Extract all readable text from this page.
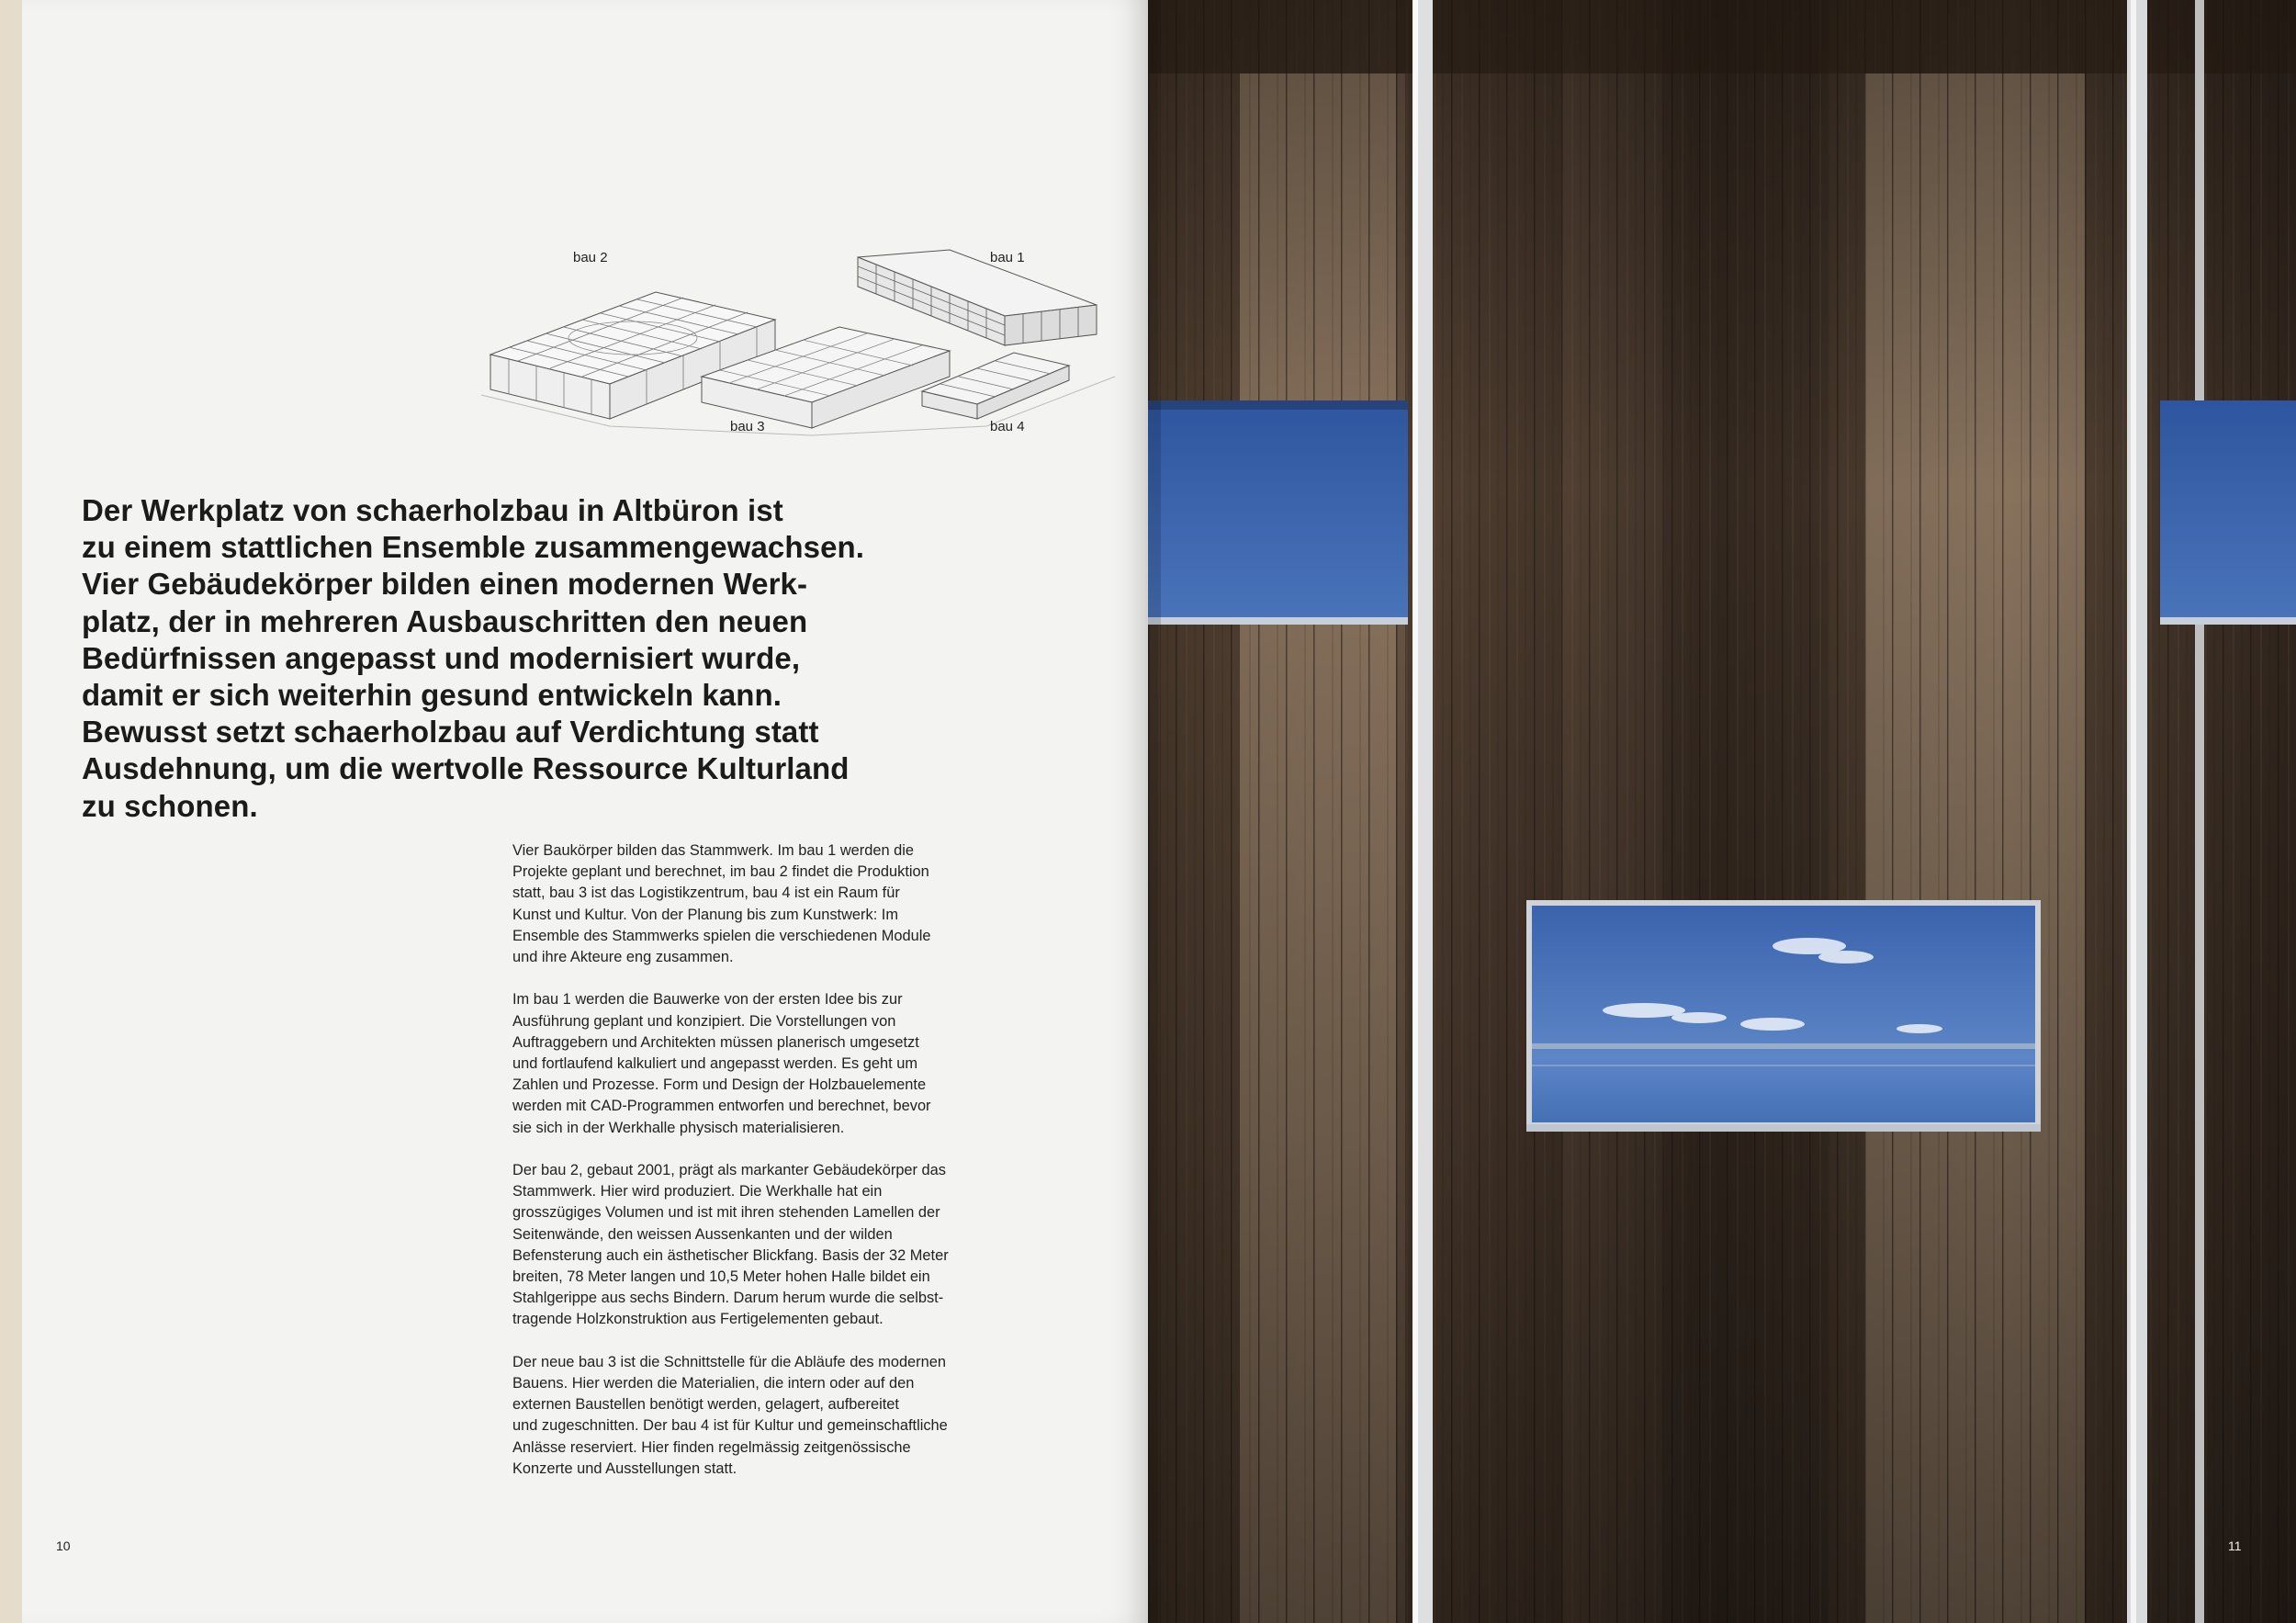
bau 2	bau 1
bau 3	bau 4
Der Werkplatz von schaerholzbau in Altbüron ist
zu einem stattlichen Ensemble zusammengewachsen.
Vier Gebäudekörper bilden einen modernen Werk-
platz, der in mehreren Ausbauschritten den neuen
Bedürfnissen angepasst und modernisiert wurde,
damit er sich weiterhin gesund entwickeln kann.
Bewusst setzt schaerholzbau auf Verdichtung statt
Ausdehnung, um die wertvolle Ressource Kulturland
zu schonen.
Vier Baukörper bilden das Stammwerk. Im bau 1 werden die
Projekte geplant und berechnet, im bau 2 findet die Produktion
statt, bau 3 ist das Logistikzentrum, bau 4 ist ein Raum für
Kunst und Kultur. Von der Planung bis zum Kunstwerk: Im
Ensemble des Stammwerks spielen die verschiedenen Module
und ihre Akteure eng zusammen.
Im bau 1 werden die Bauwerke von der ersten Idee bis zur
Ausführung geplant und konzipiert. Die Vorstellungen von
Auftraggebern und Architekten müssen planerisch umgesetzt
und fortlaufend kalkuliert und angepasst werden. Es geht um
Zahlen und Prozesse. Form und Design der Holzbauelemente
werden mit CAD-Programmen entworfen und berechnet, bevor
sie sich in der Werkhalle physisch materialisieren.
Der bau 2, gebaut 2001, prägt als markanter Gebäudekörper das
Stammwerk. Hier wird produziert. Die Werkhalle hat ein
grosszügiges Volumen und ist mit ihren stehenden Lamellen der
Seitenwände, den weissen Aussenkanten und der wilden
Befensterung auch ein ästhetischer Blickfang. Basis der 32 Meter
breiten, 78 Meter langen und 10,5 Meter hohen Halle bildet ein
Stahlgerippe aus sechs Bindern. Darum herum wurde die selbst-
tragende Holzkonstruktion aus Fertigelementen gebaut.
Der neue bau 3 ist die Schnittstelle für die Abläufe des modernen
Bauens. Hier werden die Materialien, die intern oder auf den
externen Baustellen benötigt werden, gelagert, aufbereitet
und zugeschnitten. Der bau 4 ist für Kultur und gemeinschaftliche
Anlässe reserviert. Hier finden regelmässig zeitgenössische
Konzerte und Ausstellungen statt.
10	11
